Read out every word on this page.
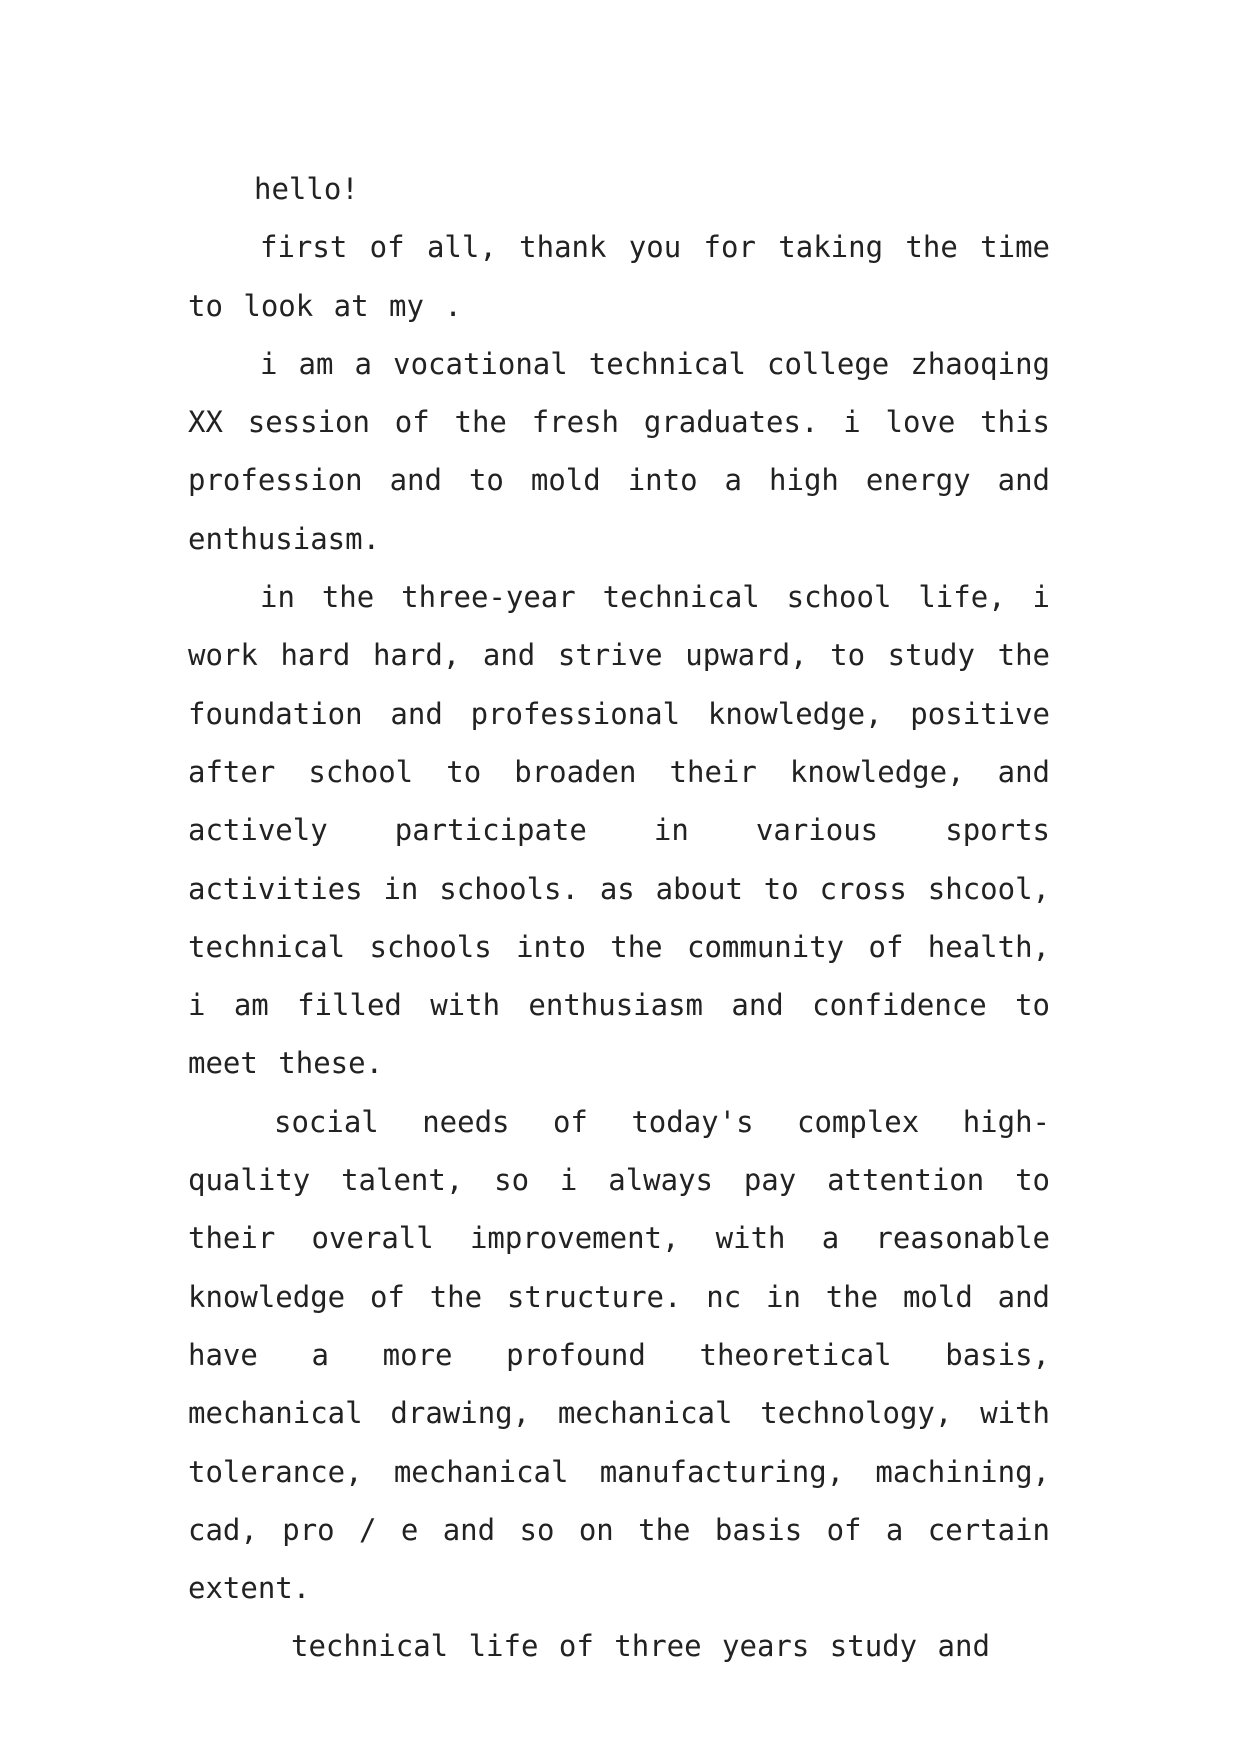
hello!

first of all, thank you for taking the time to look at my .

i am a vocational technical college zhaoqing XX session of the fresh graduates. i love this profession and to mold into a high energy and enthusiasm.

in the three-year technical school life, i work hard hard, and strive upward, to study the foundation and professional knowledge, positive after school to broaden their knowledge, and actively participate in various sports activities in schools. as about to cross shcool, technical schools into the community of health, i am filled with enthusiasm and confidence to meet these.

social needs of today's complex high-quality talent, so i always pay attention to their overall improvement, with a reasonable knowledge of the structure. nc in the mold and have a more profound theoretical basis, mechanical drawing, mechanical technology, with tolerance, mechanical manufacturing, machining, cad, pro / e and so on the basis of a certain extent.

technical life of three years study and
